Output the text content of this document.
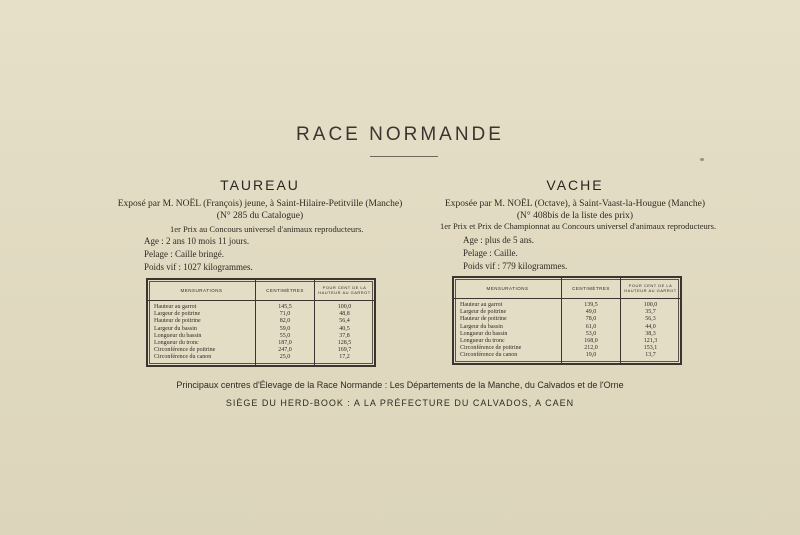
RACE NORMANDE

TAUREAU

Exposé par M. NOËL (François) jeune, à Saint-Hilaire-Petitville (Manche)

(N° 285 du Catalogue)

1er Prix au Concours universel d'animaux reproducteurs.
Age : 2 ans 10 mois 11 jours.
Pelage : Caille bringé.
Poids vif : 1027 kilogrammes.
MENSURATIONS	CENTIMÈTRES	POUR CENT DE LA HAUTEUR AU GARROT
Hauteur au garrot	145,5	100,0
Largeur de poitrine	71,0	48,8
Hauteur de poitrine	82,0	56,4
Largeur du bassin	59,0	40,5
Longueur du bassin	55,0	37,8
Longueur du tronc	187,0	128,5
Circonférence de poitrine	247,0	169,7
Circonférence du canon	25,0	17,2

VACHE

Exposée par M. NOËL (Octave), à Saint-Vaast-la-Hougue (Manche)

(N° 408bis de la liste des prix)

1er Prix et Prix de Championnat au Concours universel d'animaux reproducteurs.
Age : plus de 5 ans.
Pelage : Caille.
Poids vif : 779 kilogrammes.
MENSURATIONS	CENTIMÈTRES	POUR CENT DE LA HAUTEUR AU GARROT
Hauteur au garrot	139,5	100,0
Largeur de poitrine	49,0	35,7
Hauteur de poitrine	78,0	56,3
Largeur du bassin	61,0	44,0
Longueur du bassin	53,0	38,3
Longueur du tronc	168,0	121,3
Circonférence de poitrine	212,0	153,1
Circonférence du canon	19,0	13,7
Principaux centres d'Élevage de la Race Normande : Les Départements de la Manche, du Calvados et de l'Orne
SIÈGE DU HERD-BOOK : A LA PRÉFECTURE DU CALVADOS, A CAEN
